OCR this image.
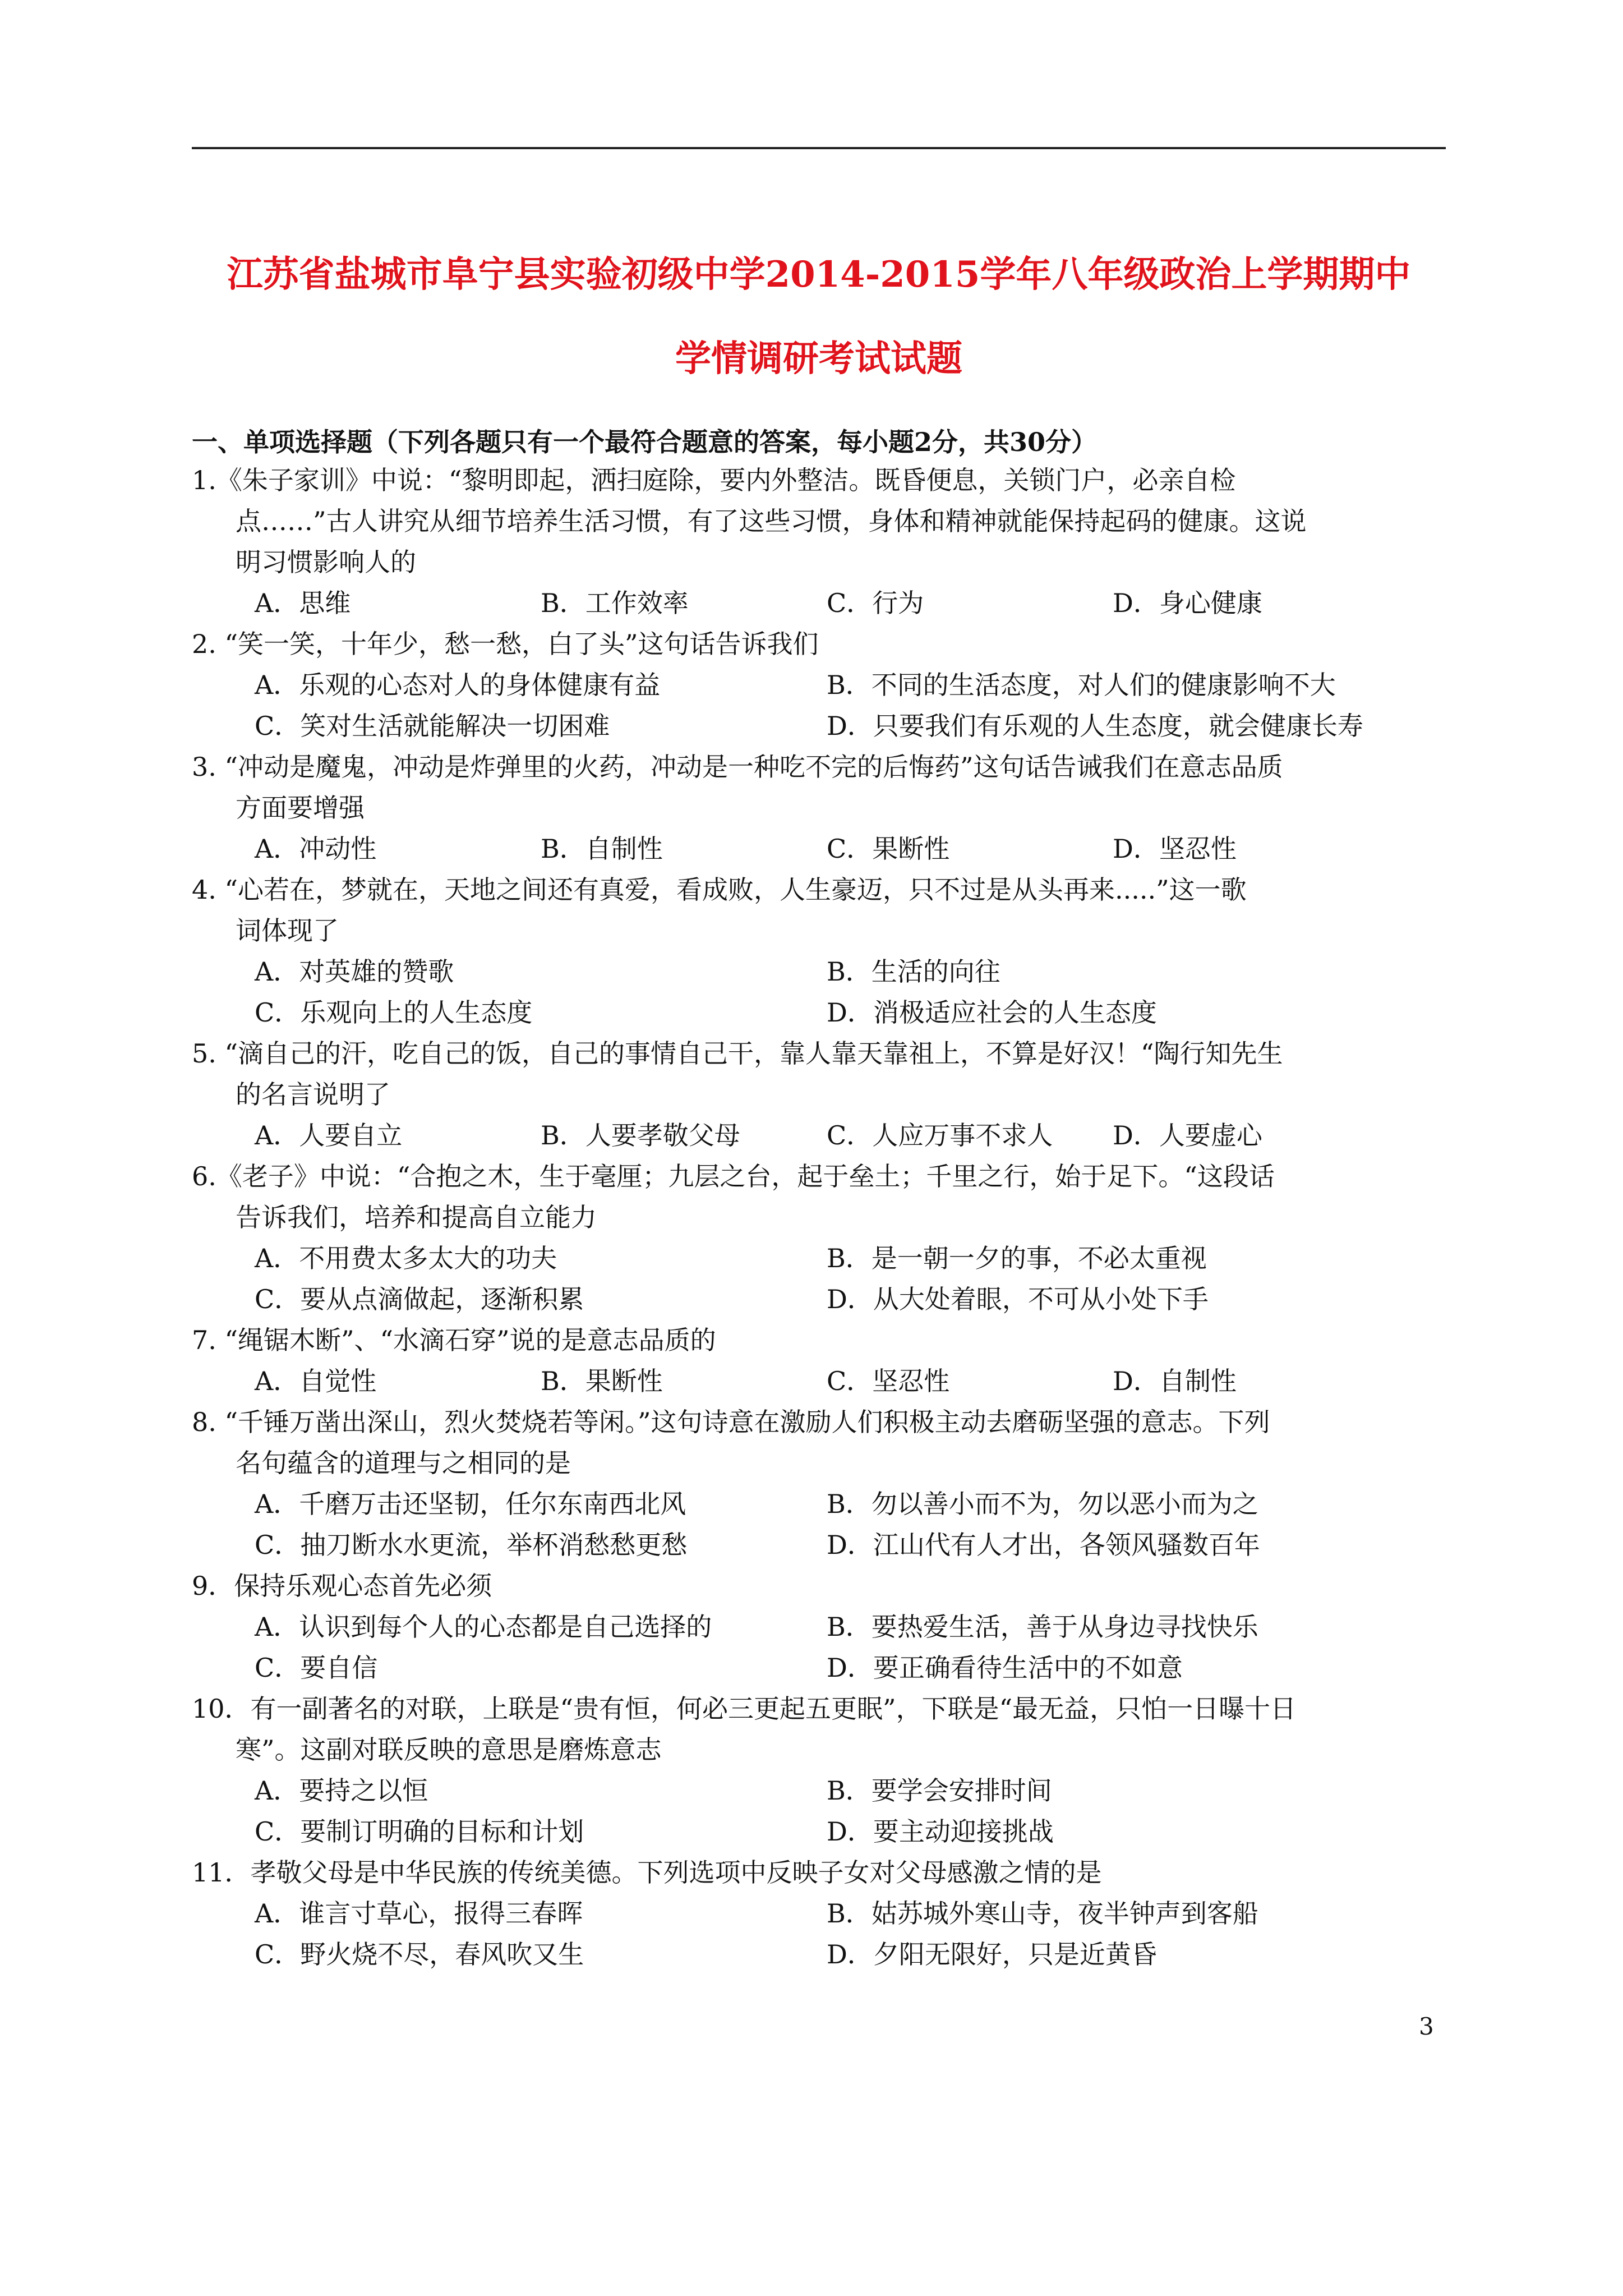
江苏省盐城市阜宁县实验初级中学2014-2015学年八年级政治上学期期中
学情调研考试试题
一、单项选择题（下列各题只有一个最符合题意的答案，每小题2分，共30分）
1.《朱子家训》中说：“黎明即起，洒扫庭除，要内外整洁。既昏便息，关锁门户，必亲自检
点……”古人讲究从细节培养生活习惯，有了这些习惯，身体和精神就能保持起码的健康。这说
明习惯影响人的
A．思维	B．工作效率	C．行为	D．身心健康
2. “笑一笑，十年少，愁一愁，白了头”这句话告诉我们
A．乐观的心态对人的身体健康有益	B．不同的生活态度，对人们的健康影响不大
C．笑对生活就能解决一切困难	D．只要我们有乐观的人生态度，就会健康长寿
3. “冲动是魔鬼，冲动是炸弹里的火药，冲动是一种吃不完的后悔药”这句话告诫我们在意志品质
方面要增强
A．冲动性	B．自制性	C．果断性	D．坚忍性
4. “心若在，梦就在，天地之间还有真爱，看成败，人生豪迈，只不过是从头再来.....”这一歌
词体现了
A．对英雄的赞歌	B．生活的向往
C．乐观向上的人生态度	D．消极适应社会的人生态度
5. “滴自己的汗，吃自己的饭，自己的事情自己干，靠人靠天靠祖上，不算是好汉！“陶行知先生
的名言说明了
A．人要自立	B．人要孝敬父母	C．人应万事不求人 D．人要虚心
6.《老子》中说：“合抱之木，生于毫厘；九层之台，起于垒土；千里之行，始于足下。“这段话
告诉我们，培养和提高自立能力
A．不用费太多太大的功夫	B．是一朝一夕的事，不必太重视
C．要从点滴做起，逐渐积累	D．从大处着眼，不可从小处下手
7. “绳锯木断”、“水滴石穿”说的是意志品质的
A．自觉性	B．果断性	C．坚忍性	D．自制性
8. “千锤万凿出深山，烈火焚烧若等闲。”这句诗意在激励人们积极主动去磨砺坚强的意志。下列
名句蕴含的道理与之相同的是
A．千磨万击还坚韧，任尔东南西北风	B．勿以善小而不为，勿以恶小而为之
C．抽刀断水水更流，举杯消愁愁更愁	D．江山代有人才出，各领风骚数百年
9．保持乐观心态首先必须
A．认识到每个人的心态都是自己选择的	B．要热爱生活，善于从身边寻找快乐
C．要自信	D．要正确看待生活中的不如意
10．有一副著名的对联，上联是“贵有恒，何必三更起五更眠”，下联是“最无益，只怕一日曝十日
寒”。这副对联反映的意思是磨炼意志
A．要持之以恒	B．要学会安排时间
C．要制订明确的目标和计划	D．要主动迎接挑战
11．孝敬父母是中华民族的传统美德。下列选项中反映子女对父母感激之情的是
A．谁言寸草心，报得三春晖	B．姑苏城外寒山寺，夜半钟声到客船
C．野火烧不尽，春风吹又生	D．夕阳无限好，只是近黄昏
3
